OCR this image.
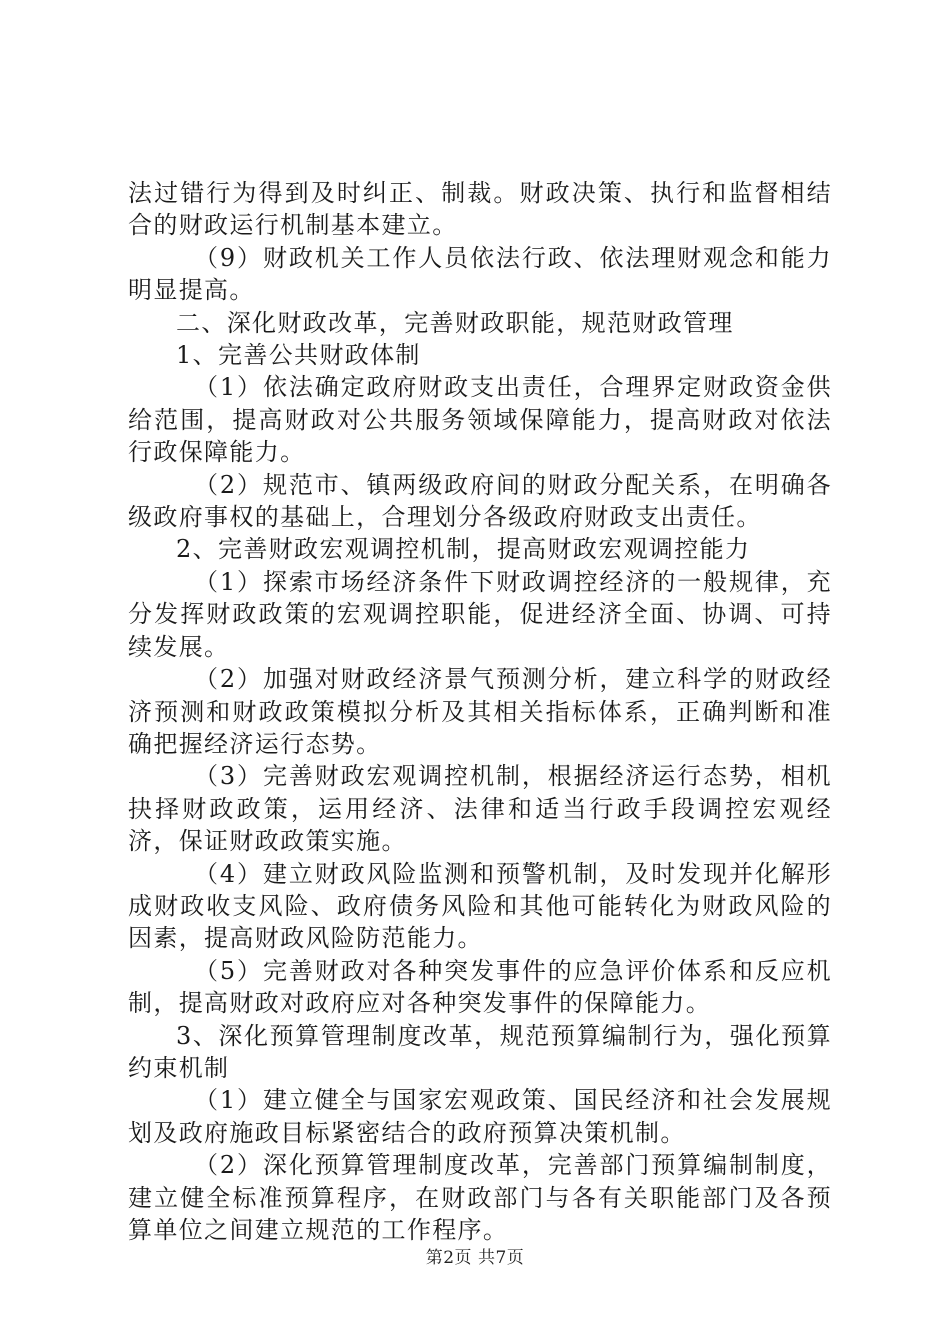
法过错行为得到及时纠正、制裁。财政决策、执行和监督相结合的财政运行机制基本建立。

（9）财政机关工作人员依法行政、依法理财观念和能力明显提高。

二、深化财政改革，完善财政职能，规范财政管理

1、完善公共财政体制

（1）依法确定政府财政支出责任，合理界定财政资金供给范围，提高财政对公共服务领域保障能力，提高财政对依法行政保障能力。

（2）规范市、镇两级政府间的财政分配关系，在明确各级政府事权的基础上，合理划分各级政府财政支出责任。

2、完善财政宏观调控机制，提高财政宏观调控能力

（1）探索市场经济条件下财政调控经济的一般规律，充分发挥财政政策的宏观调控职能，促进经济全面、协调、可持续发展。

（2）加强对财政经济景气预测分析，建立科学的财政经济预测和财政政策模拟分析及其相关指标体系，正确判断和准确把握经济运行态势。

（3）完善财政宏观调控机制，根据经济运行态势，相机抉择财政政策，运用经济、法律和适当行政手段调控宏观经济，保证财政政策实施。

（4）建立财政风险监测和预警机制，及时发现并化解形成财政收支风险、政府债务风险和其他可能转化为财政风险的因素，提高财政风险防范能力。

（5）完善财政对各种突发事件的应急评价体系和反应机制，提高财政对政府应对各种突发事件的保障能力。

3、深化预算管理制度改革，规范预算编制行为，强化预算约束机制

（1）建立健全与国家宏观政策、国民经济和社会发展规划及政府施政目标紧密结合的政府预算决策机制。

（2）深化预算管理制度改革，完善部门预算编制制度，建立健全标准预算程序，在财政部门与各有关职能部门及各预算单位之间建立规范的工作程序。

第2页 共7页
